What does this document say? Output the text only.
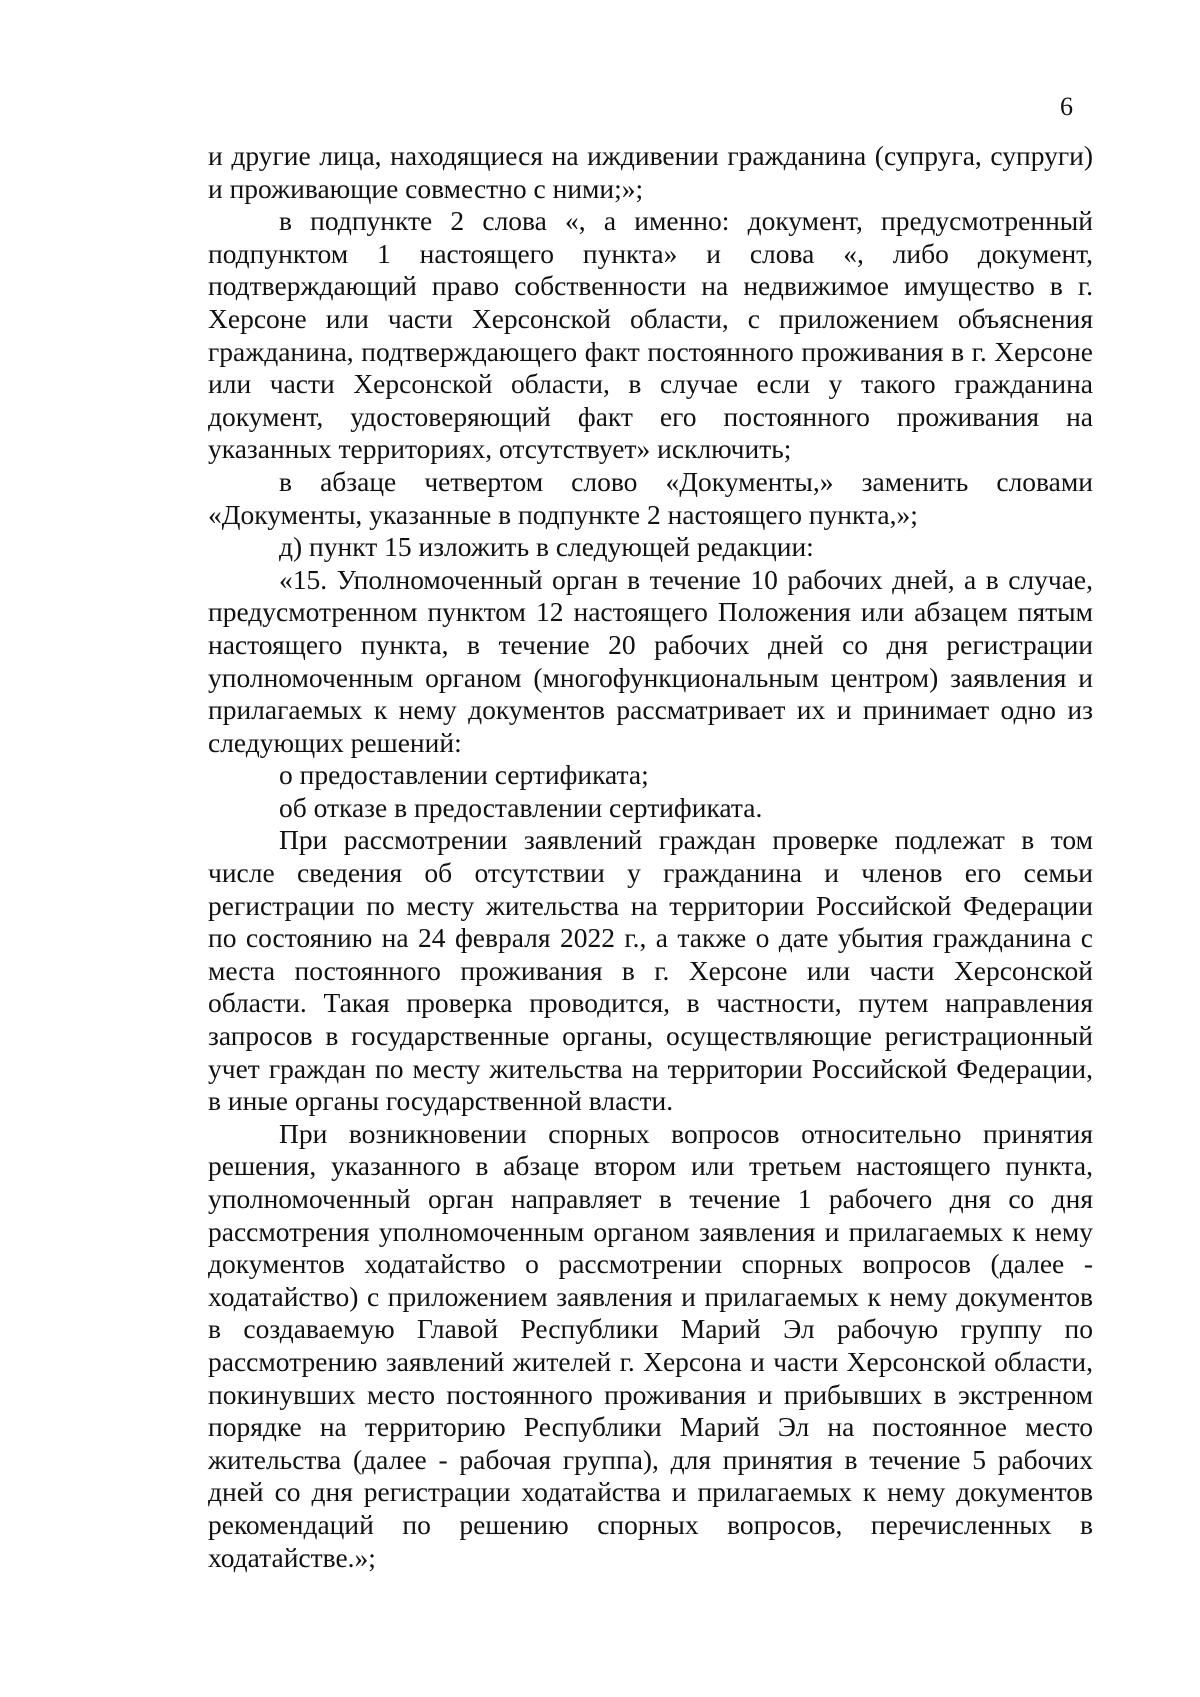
6

и другие лица, находящиеся на иждивении гражданина (супруга, супруги) и проживающие совместно с ними;»;

в подпункте 2 слова «, а именно: документ, предусмотренный подпунктом 1 настоящего пункта» и слова «, либо документ, подтверждающий право собственности на недвижимое имущество в г. Херсоне или части Херсонской области, с приложением объяснения гражданина, подтверждающего факт постоянного проживания в г. Херсоне или части Херсонской области, в случае если у такого гражданина документ, удостоверяющий факт его постоянного проживания на указанных территориях, отсутствует» исключить;

в абзаце четвертом слово «Документы,» заменить словами «Документы, указанные в подпункте 2 настоящего пункта,»;

д) пункт 15 изложить в следующей редакции:

«15. Уполномоченный орган в течение 10 рабочих дней, а в случае, предусмотренном пунктом 12 настоящего Положения или абзацем пятым настоящего пункта, в течение 20 рабочих дней со дня регистрации уполномоченным органом (многофункциональным центром) заявления и прилагаемых к нему документов рассматривает их и принимает одно из следующих решений:

о предоставлении сертификата;

об отказе в предоставлении сертификата.

При рассмотрении заявлений граждан проверке подлежат в том числе сведения об отсутствии у гражданина и членов его семьи регистрации по месту жительства на территории Российской Федерации по состоянию на 24 февраля 2022 г., а также о дате убытия гражданина с места постоянного проживания в г. Херсоне или части Херсонской области. Такая проверка проводится, в частности, путем направления запросов в государственные органы, осуществляющие регистрационный учет граждан по месту жительства на территории Российской Федерации, в иные органы государственной власти.

При возникновении спорных вопросов относительно принятия решения, указанного в абзаце втором или третьем настоящего пункта, уполномоченный орган направляет в течение 1 рабочего дня со дня рассмотрения уполномоченным органом заявления и прилагаемых к нему документов ходатайство о рассмотрении спорных вопросов (далее - ходатайство) с приложением заявления и прилагаемых к нему документов в создаваемую Главой Республики Марий Эл рабочую группу по рассмотрению заявлений жителей г. Херсона и части Херсонской области, покинувших место постоянного проживания и прибывших в экстренном порядке на территорию Республики Марий Эл на постоянное место жительства (далее - рабочая группа), для принятия в течение 5 рабочих дней со дня регистрации ходатайства и прилагаемых к нему документов рекомендаций по решению спорных вопросов, перечисленных в ходатайстве.»;
